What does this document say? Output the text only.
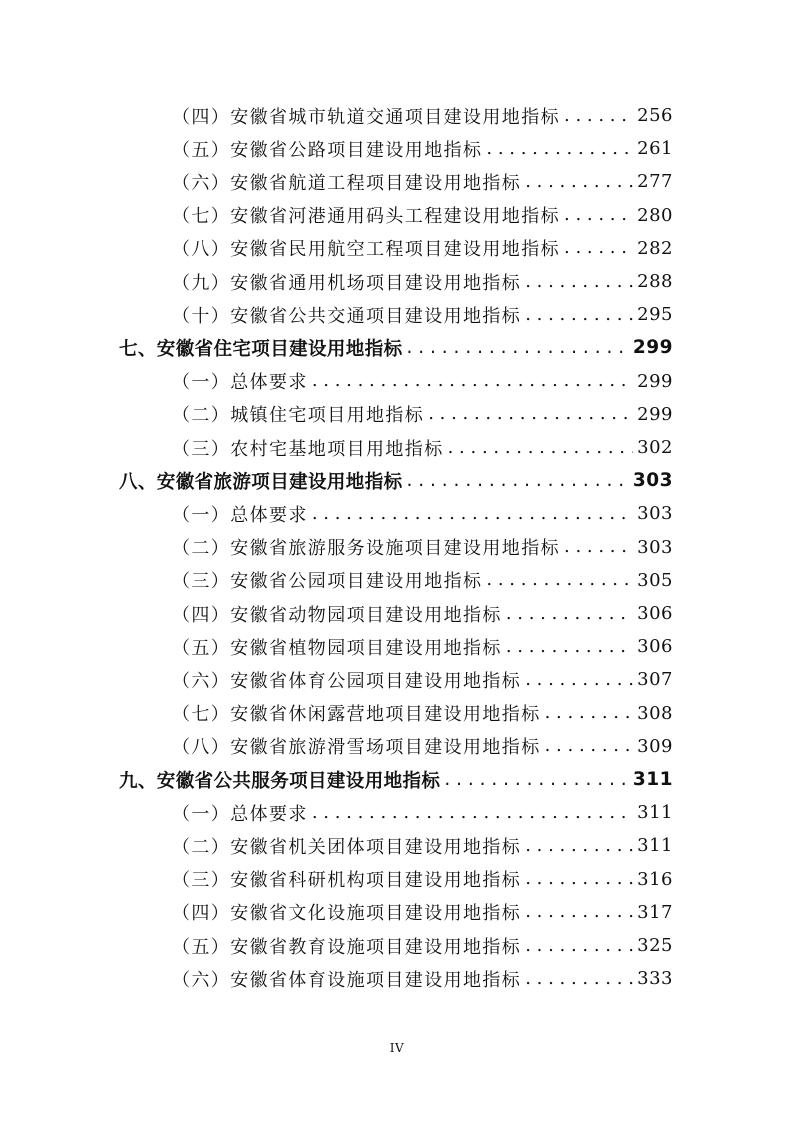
（四）安徽省城市轨道交通项目建设用地指标 . . .	256
（五）安徽省公路项目建设用地指标 . . .	261
（六）安徽省航道工程项目建设用地指标 . . .	277
（七）安徽省河港通用码头工程建设用地指标 . . .	280
（八）安徽省民用航空工程项目建设用地指标 . . .	282
（九）安徽省通用机场项目建设用地指标 . . .	288
（十）安徽省公共交通项目建设用地指标 . . .	295
七、安徽省住宅项目建设用地指标 . . .	299
（一）总体要求 . . .	299
（二）城镇住宅项目用地指标 . . .	299
（三）农村宅基地项目用地指标 . . .	302
八、安徽省旅游项目建设用地指标 . . .	303
（一）总体要求 . . .	303
（二）安徽省旅游服务设施项目建设用地指标 . . .	303
（三）安徽省公园项目建设用地指标 . . .	305
（四）安徽省动物园项目建设用地指标 . . .	306
（五）安徽省植物园项目建设用地指标 . . .	306
（六）安徽省体育公园项目建设用地指标 . . .	307
（七）安徽省休闲露营地项目建设用地指标 . . .	308
（八）安徽省旅游滑雪场项目建设用地指标 . . .	309
九、安徽省公共服务项目建设用地指标 . . .	311
（一）总体要求 . . .	311
（二）安徽省机关团体项目建设用地指标 . . .	311
（三）安徽省科研机构项目建设用地指标 . . .	316
（四）安徽省文化设施项目建设用地指标 . . .	317
（五）安徽省教育设施项目建设用地指标 . . .	325
（六）安徽省体育设施项目建设用地指标 . . .	333
IV
